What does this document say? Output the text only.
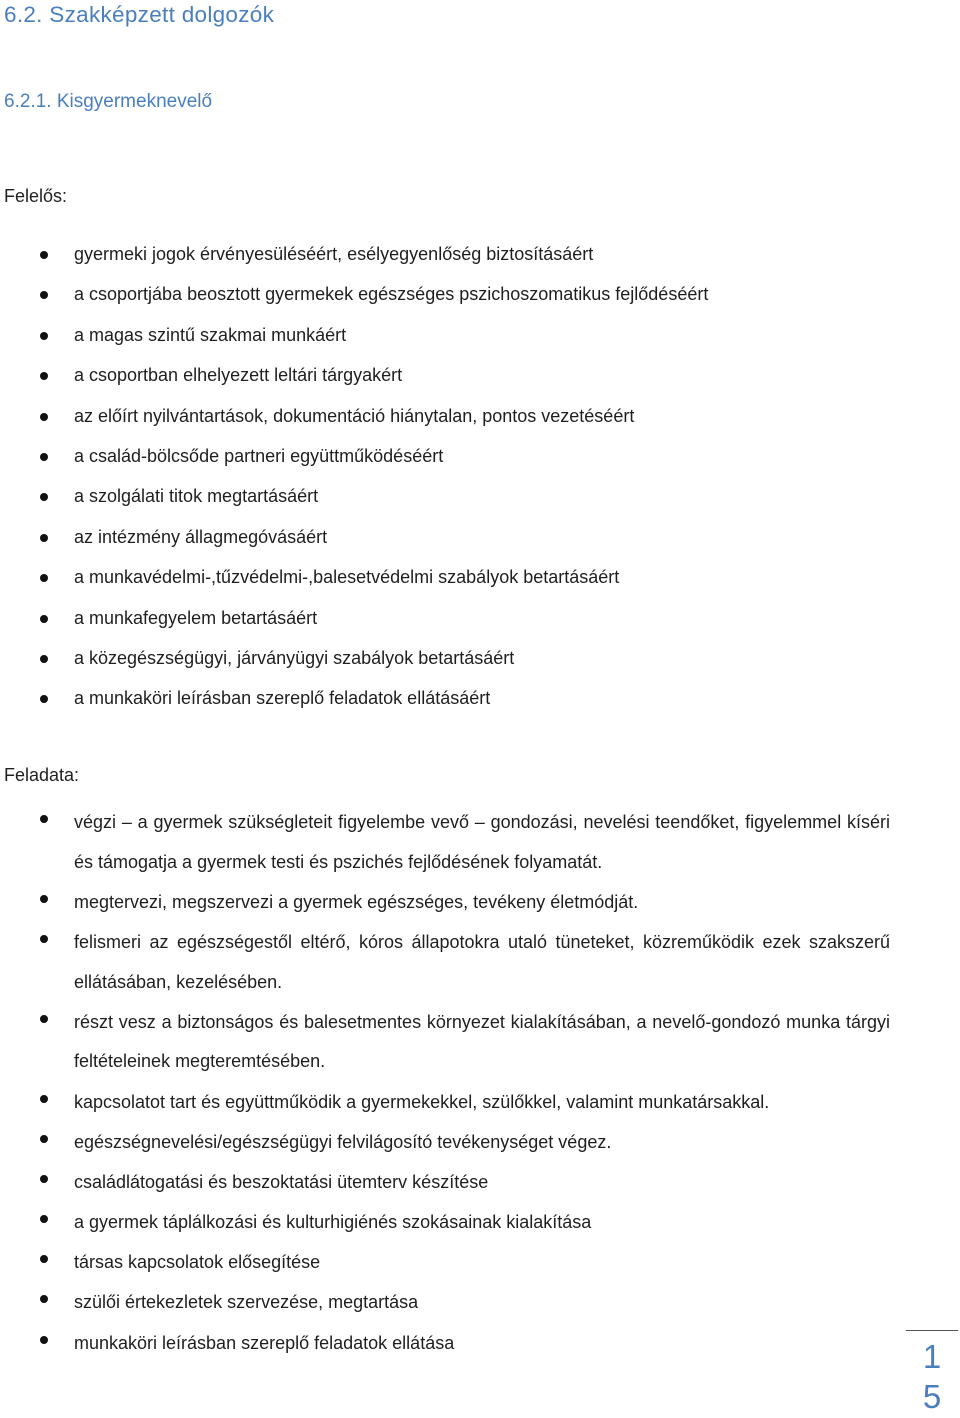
6.2. Szakképzett dolgozók
6.2.1. Kisgyermeknevelő
Felelős:
gyermeki jogok érvényesüléséért, esélyegyenlőség biztosításáért
a csoportjába beosztott gyermekek egészséges pszichoszomatikus fejlődéséért
a magas szintű szakmai munkáért
a csoportban elhelyezett leltári tárgyakért
az előírt nyilvántartások, dokumentáció hiánytalan, pontos vezetéséért
a család-bölcsőde partneri együttműködéséért
a szolgálati titok megtartásáért
az intézmény állagmegóvásáért
a munkavédelmi-,tűzvédelmi-,balesetvédelmi szabályok betartásáért
a munkafegyelem betartásáért
a közegészségügyi, járványügyi szabályok betartásáért
a munkaköri leírásban szereplő feladatok ellátásáért
Feladata:
végzi – a gyermek szükségleteit figyelembe vevő – gondozási, nevelési teendőket, figyelemmel kíséri és támogatja a gyermek testi és pszichés fejlődésének folyamatát.
megtervezi, megszervezi a gyermek egészséges, tevékeny életmódját.
felismeri az egészségestől eltérő, kóros állapotokra utaló tüneteket, közreműködik ezek szakszerű ellátásában, kezelésében.
részt vesz a biztonságos és balesetmentes környezet kialakításában, a nevelő-gondozó munka tárgyi feltételeinek megteremtésében.
kapcsolatot tart és együttműködik a gyermekekkel, szülőkkel, valamint munkatársakkal.
egészségnevelési/egészségügyi felvilágosító tevékenységet végez.
családlátogatási és beszoktatási ütemterv készítése
a gyermek táplálkozási és kulturhigiénés szokásainak kialakítása
társas kapcsolatok elősegítése
szülői értekezletek szervezése, megtartása
munkaköri leírásban szereplő feladatok ellátása	1
5
